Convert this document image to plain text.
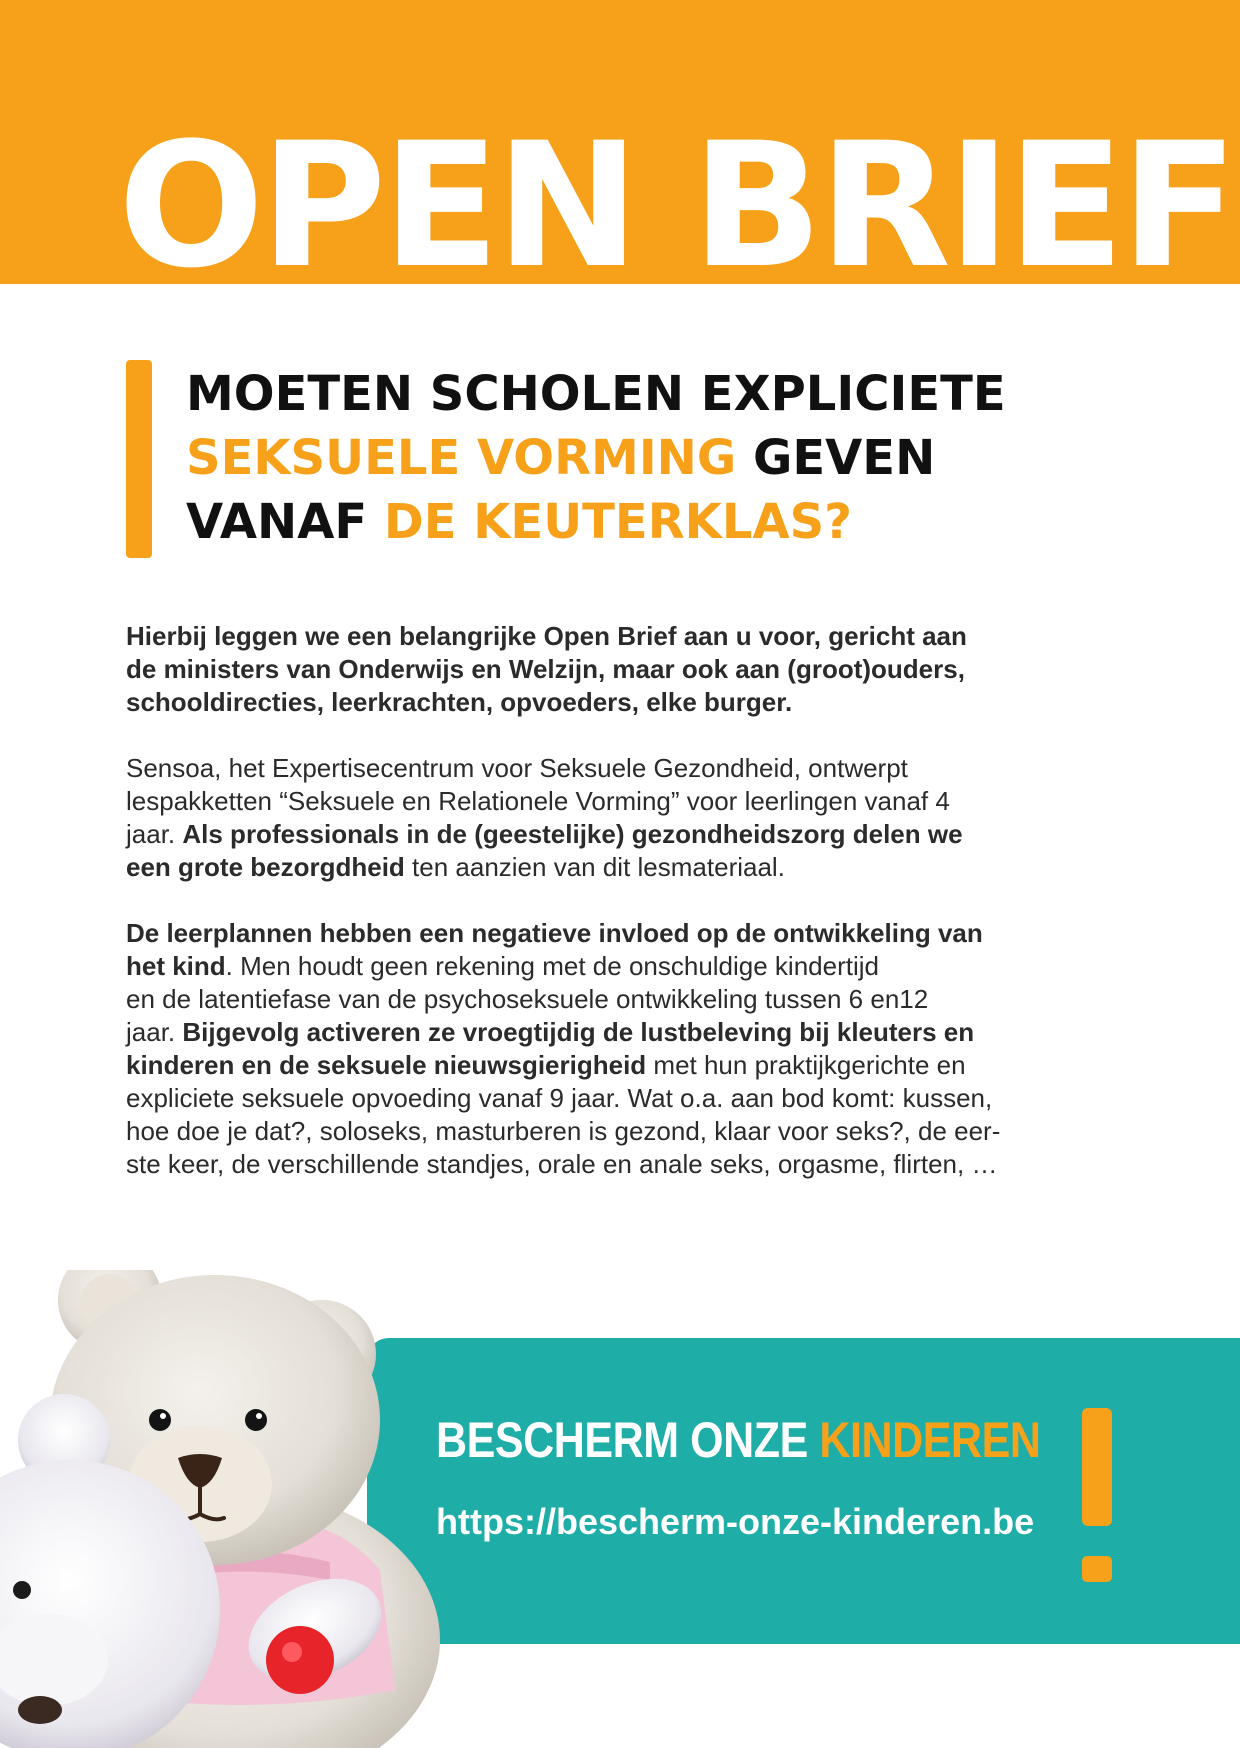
OPEN BRIEF
MOETEN SCHOLEN EXPLICIETE
SEKSUELE VORMING GEVEN
VANAF DE KEUTERKLAS?

Hierbij leggen we een belangrijke Open Brief aan u voor, gericht aan
de ministers van Onderwijs en Welzijn, maar ook aan (groot)ouders,
schooldirecties, leerkrachten, opvoeders, elke burger.

Sensoa, het Expertisecentrum voor Seksuele Gezondheid, ontwerpt
lespakketten “Seksuele en Relationele Vorming” voor leerlingen vanaf 4
jaar. Als professionals in de (geestelijke) gezondheidszorg delen we
een grote bezorgdheid ten aanzien van dit lesmateriaal.

De leerplannen hebben een negatieve invloed op de ontwikkeling van
het kind. Men houdt geen rekening met de onschuldige kindertijd
en de latentiefase van de psychoseksuele ontwikkeling tussen 6 en12
jaar. Bijgevolg activeren ze vroegtijdig de lustbeleving bij kleuters en
kinderen en de seksuele nieuwsgierigheid met hun praktijkgerichte en
expliciete seksuele opvoeding vanaf 9 jaar. Wat o.a. aan bod komt: kussen,
hoe doe je dat?, soloseks, masturberen is gezond, klaar voor seks?, de eer-
ste keer, de verschillende standjes, orale en anale seks, orgasme, flirten, …

BESCHERM ONZE KINDEREN
https://bescherm-onze-kinderen.be
